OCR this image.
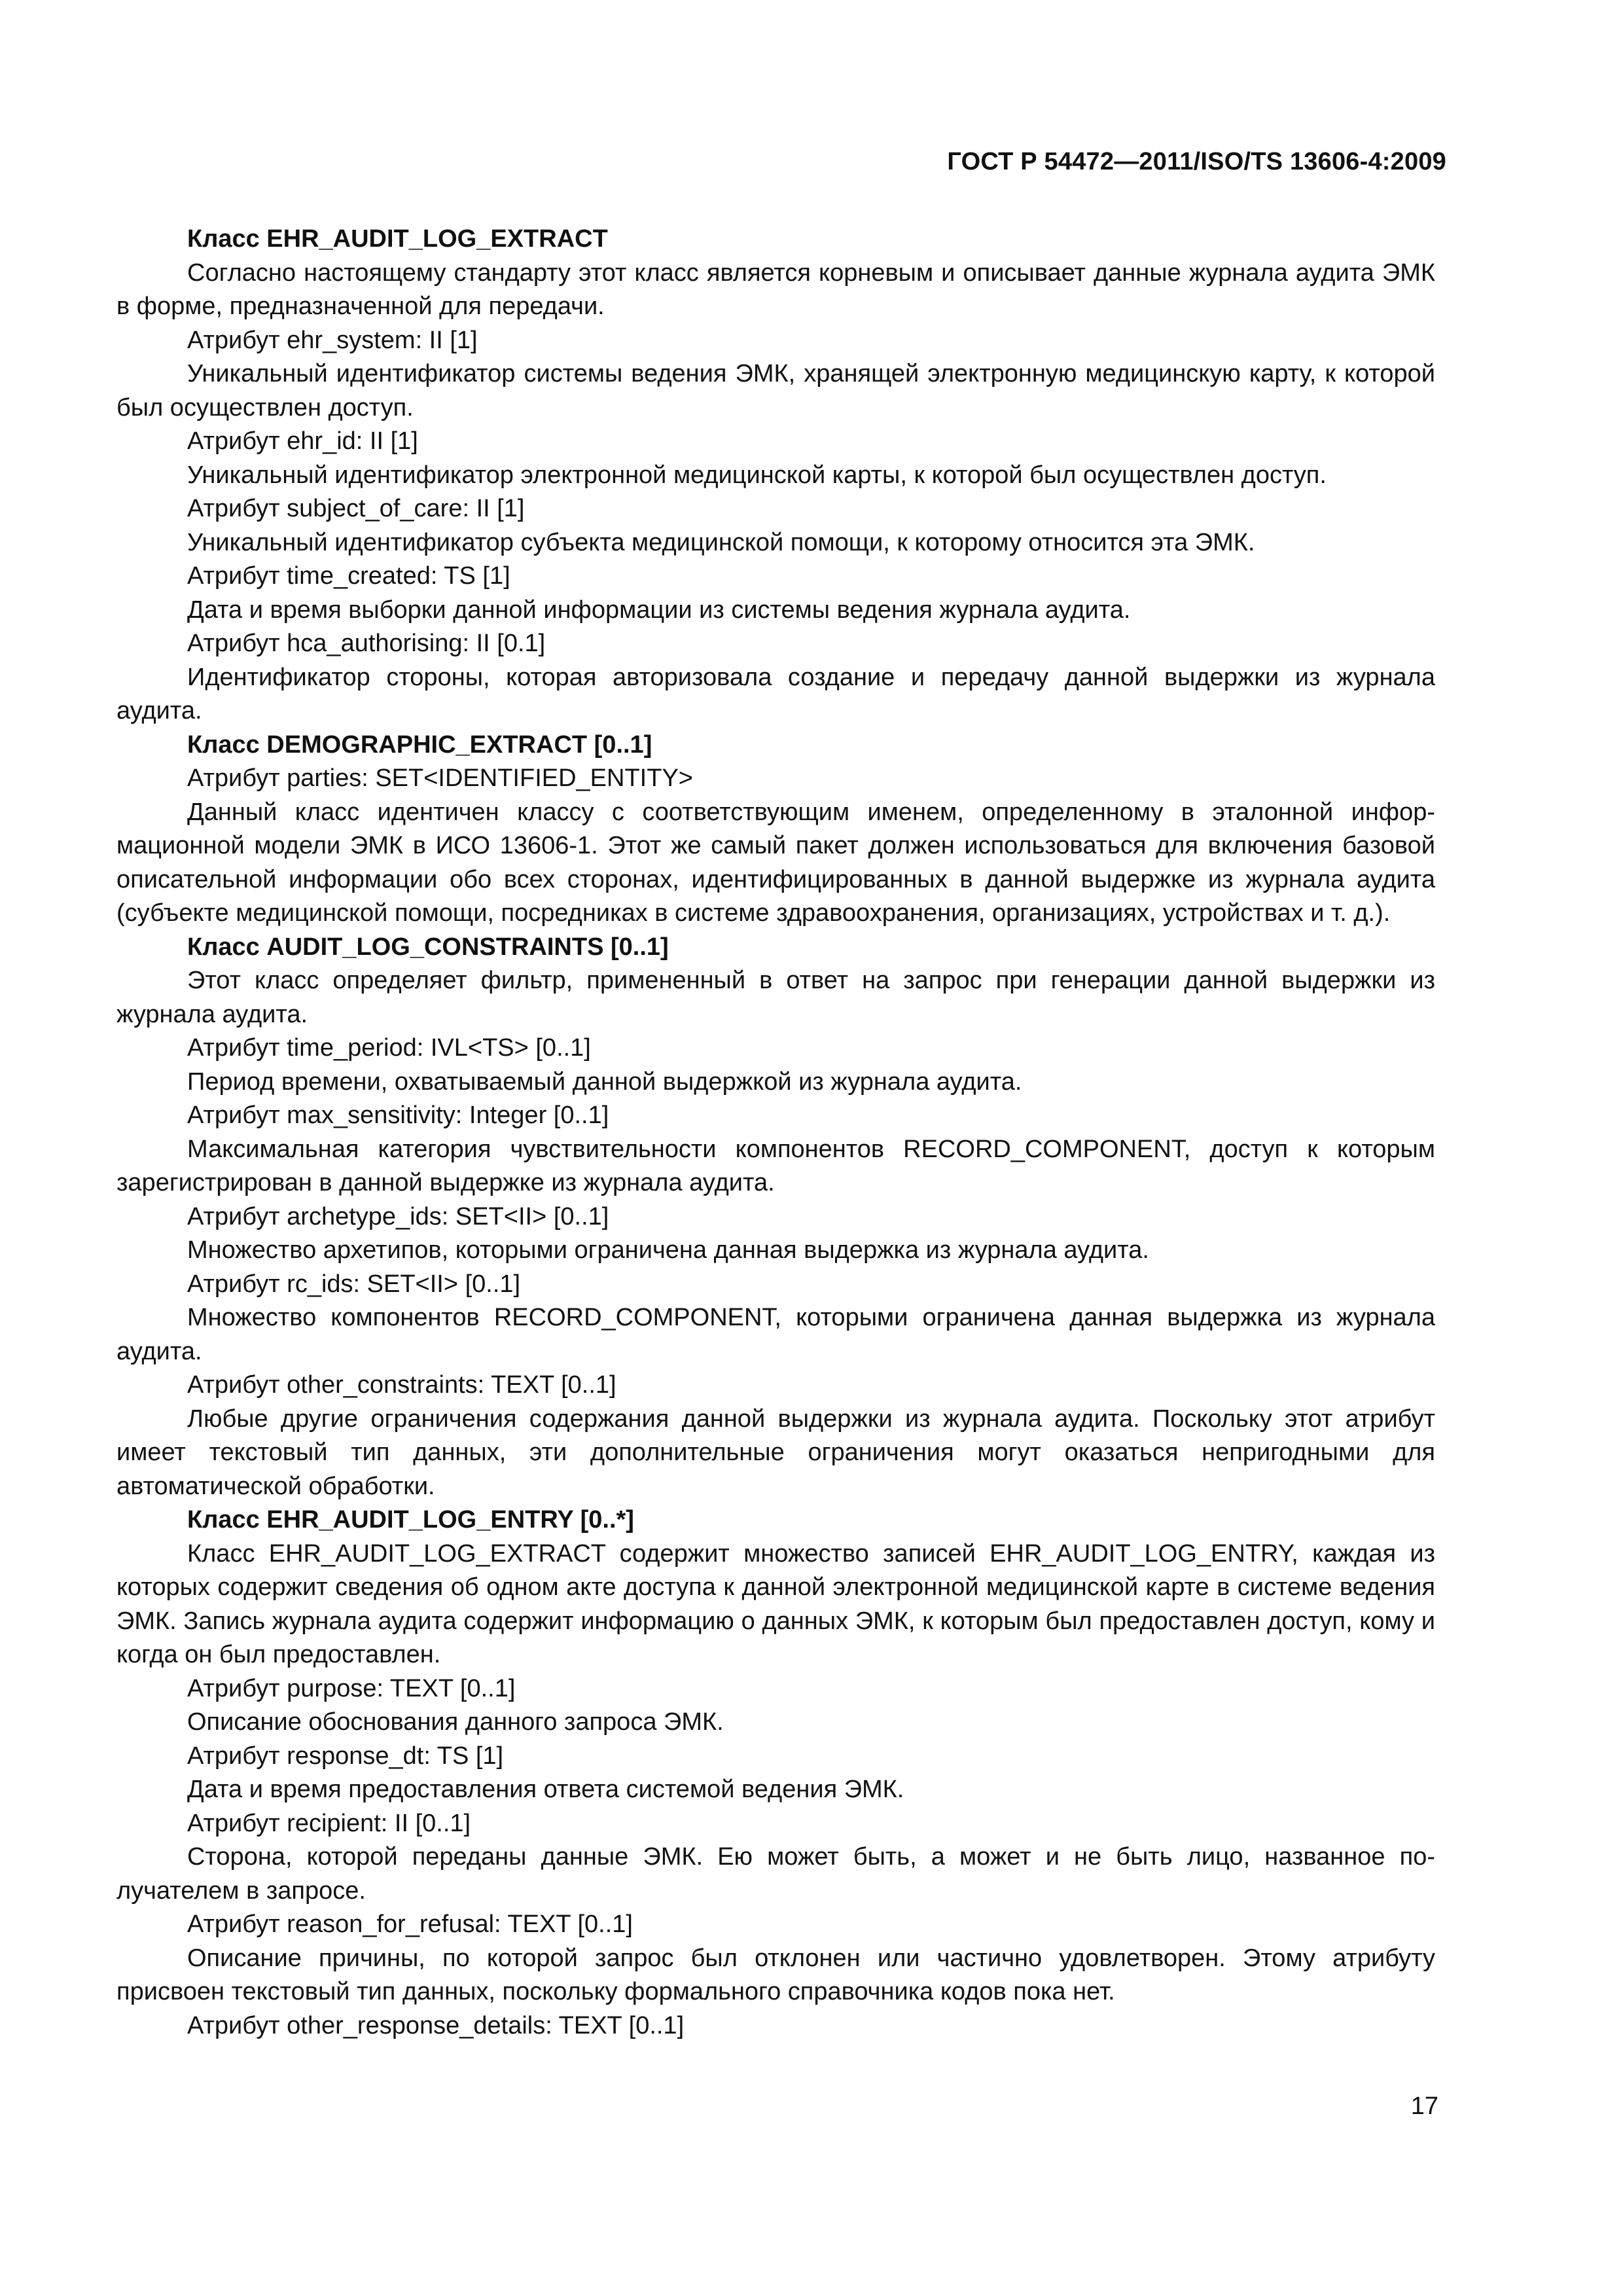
ГОСТ Р 54472—2011/ISO/TS 13606-4:2009

Класс EHR_AUDIT_LOG_EXTRACT

Согласно настоящему стандарту этот класс является корневым и описывает данные журнала аудита ЭМК в форме, предназначенной для передачи.

Атрибут ehr_system: II [1]

Уникальный идентификатор системы ведения ЭМК, хранящей электронную медицинскую карту, к которой был осуществлен доступ.

Атрибут ehr_id: II [1]

Уникальный идентификатор электронной медицинской карты, к которой был осуществлен доступ.

Атрибут subject_of_care: II [1]

Уникальный идентификатор субъекта медицинской помощи, к которому относится эта ЭМК.

Атрибут time_created: TS [1]

Дата и время выборки данной информации из системы ведения журнала аудита.

Атрибут hca_authorising: II [0.1]

Идентификатор стороны, которая авторизовала создание и передачу данной выдержки из журнала аудита.

Класс DEMOGRAPHIC_EXTRACT [0..1]

Атрибут parties: SET<IDENTIFIED_ENTITY>

Данный класс идентичен классу с соответствующим именем, определенному в эталонной информационной модели ЭМК в ИСО 13606-1. Этот же самый пакет должен использоваться для включения базовой описательной информации обо всех сторонах, идентифицированных в данной выдержке из журнала аудита (субъекте медицинской помощи, посредниках в системе здравоохранения, организациях, устройствах и т. д.).

Класс AUDIT_LOG_CONSTRAINTS [0..1]

Этот класс определяет фильтр, примененный в ответ на запрос при генерации данной выдержки из журнала аудита.

Атрибут time_period: IVL<TS> [0..1]

Период времени, охватываемый данной выдержкой из журнала аудита.

Атрибут max_sensitivity: Integer [0..1]

Максимальная категория чувствительности компонентов RECORD_COMPONENT, доступ к которым зарегистрирован в данной выдержке из журнала аудита.

Атрибут archetype_ids: SET<II> [0..1]

Множество архетипов, которыми ограничена данная выдержка из журнала аудита.

Атрибут rc_ids: SET<II> [0..1]

Множество компонентов RECORD_COMPONENT, которыми ограничена данная выдержка из журнала аудита.

Атрибут other_constraints: TEXT [0..1]

Любые другие ограничения содержания данной выдержки из журнала аудита. Поскольку этот атрибут имеет текстовый тип данных, эти дополнительные ограничения могут оказаться непригодными для автоматической обработки.

Класс EHR_AUDIT_LOG_ENTRY [0..*]

Класс EHR_AUDIT_LOG_EXTRACT содержит множество записей EHR_AUDIT_LOG_ENTRY, каждая из которых содержит сведения об одном акте доступа к данной электронной медицинской карте в системе ведения ЭМК. Запись журнала аудита содержит информацию о данных ЭМК, к которым был предоставлен доступ, кому и когда он был предоставлен.

Атрибут purpose: TEXT [0..1]

Описание обоснования данного запроса ЭМК.

Атрибут response_dt: TS [1]

Дата и время предоставления ответа системой ведения ЭМК.

Атрибут recipient: II [0..1]

Сторона, которой переданы данные ЭМК. Ею может быть, а может и не быть лицо, названное получателем в запросе.

Атрибут reason_for_refusal: TEXT [0..1]

Описание причины, по которой запрос был отклонен или частично удовлетворен. Этому атрибуту присвоен текстовый тип данных, поскольку формального справочника кодов пока нет.

Атрибут other_response_details: TEXT [0..1]

17
